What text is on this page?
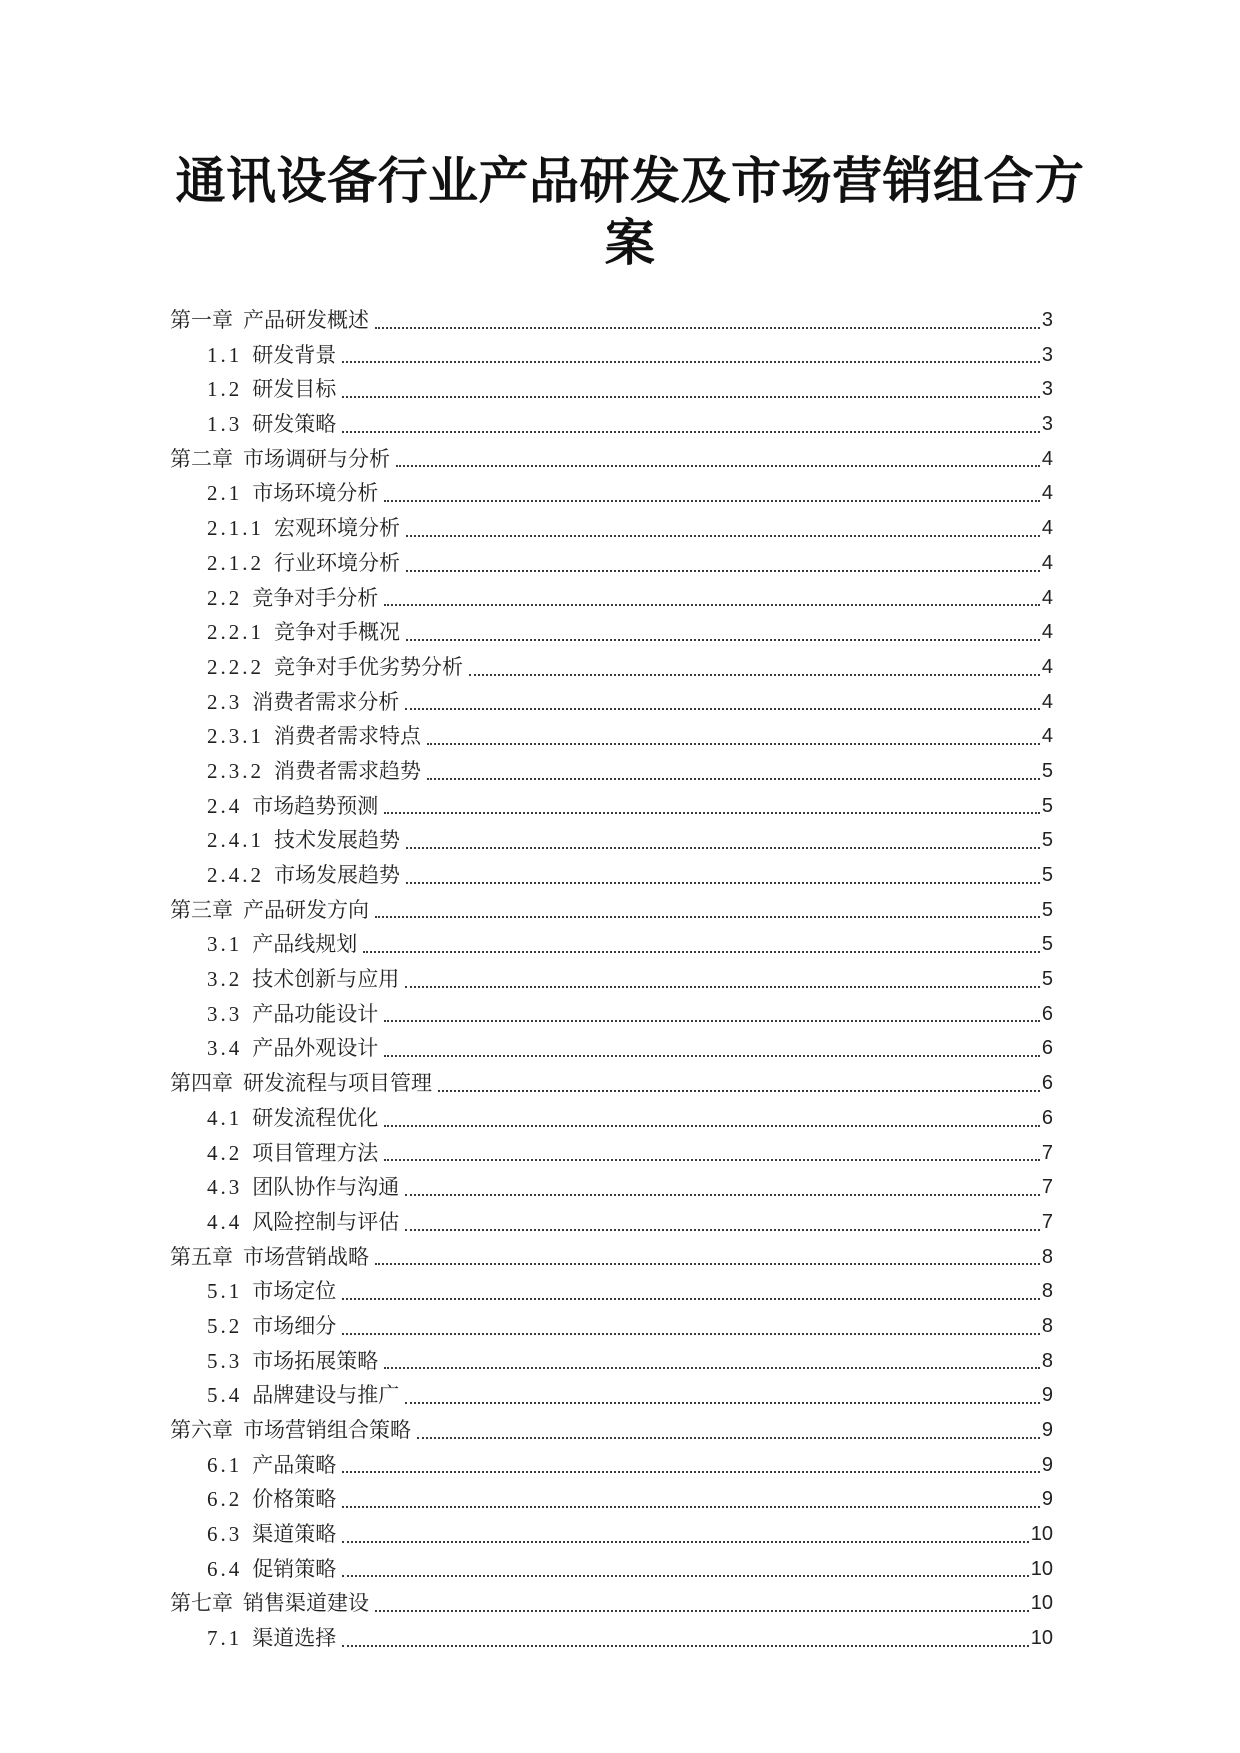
通讯设备行业产品研发及市场营销组合方案
第一章 产品研发概述	3
1.1 研发背景	3
1.2 研发目标	3
1.3 研发策略	3
第二章 市场调研与分析	4
2.1 市场环境分析	4
2.1.1 宏观环境分析	4
2.1.2 行业环境分析	4
2.2 竞争对手分析	4
2.2.1 竞争对手概况	4
2.2.2 竞争对手优劣势分析	4
2.3 消费者需求分析	4
2.3.1 消费者需求特点	4
2.3.2 消费者需求趋势	5
2.4 市场趋势预测	5
2.4.1 技术发展趋势	5
2.4.2 市场发展趋势	5
第三章 产品研发方向	5
3.1 产品线规划	5
3.2 技术创新与应用	5
3.3 产品功能设计	6
3.4 产品外观设计	6
第四章 研发流程与项目管理	6
4.1 研发流程优化	6
4.2 项目管理方法	7
4.3 团队协作与沟通	7
4.4 风险控制与评估	7
第五章 市场营销战略	8
5.1 市场定位	8
5.2 市场细分	8
5.3 市场拓展策略	8
5.4 品牌建设与推广	9
第六章 市场营销组合策略	9
6.1 产品策略	9
6.2 价格策略	9
6.3 渠道策略	10
6.4 促销策略	10
第七章 销售渠道建设	10
7.1 渠道选择	10
